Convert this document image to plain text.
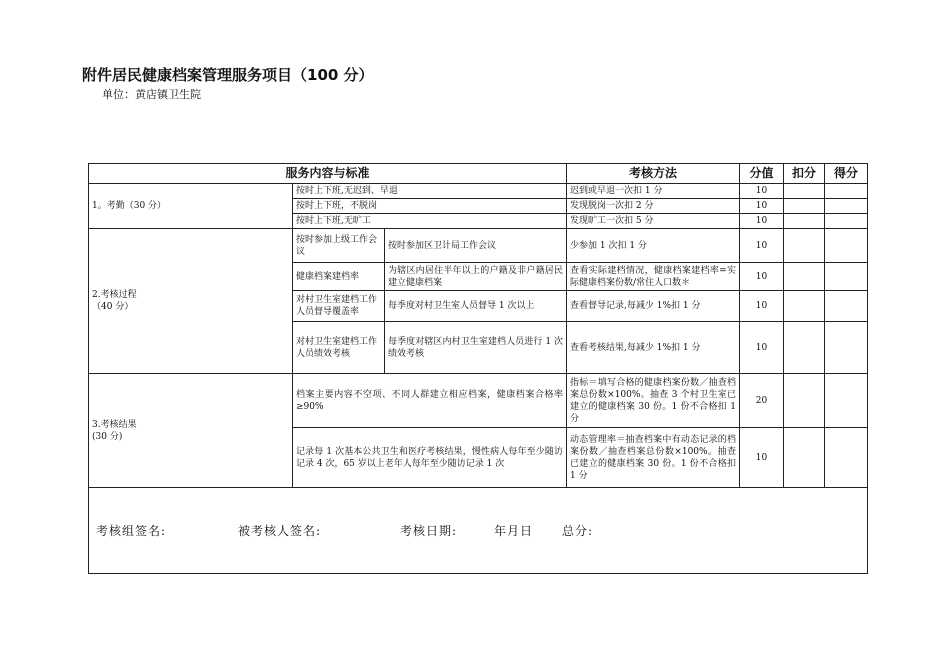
附件居民健康档案管理服务项目（100 分）
单位：黄店镇卫生院
服务内容与标准			考核方法	分值	扣分	得分
1。考勤（30 分）	按时上下班,无迟到、早退		迟到或早退一次扣 1 分	10		
	按时上下班，不脱岗		发现脱岗一次扣 2 分	10		
	按时上下班,无旷工		发现旷工一次扣 5 分	10		

2.考核过程
（40 分）	按时参加上级工作会议	按时参加区卫计局工作会议	少参加 1 次扣 1 分	10		
	健康档案建档率	为辖区内居住半年以上的户籍及非户籍居民建立健康档案	查看实际建档情况，健康档案建档率=实际健康档案份数/常住人口数＊	10		
	对村卫生室建档工作人员督导覆盖率	每季度对村卫生室人员督导 1 次以上	查看督导记录,每减少 1%扣 1 分	10		
	对村卫生室建档工作人员绩效考核	每季度对辖区内村卫生室建档人员进行 1 次绩效考核	查看考核结果,每减少 1%扣 1 分	10		

3.考核结果
(30 分)	档案主要内容不空项、不同人群建立相应档案，健康档案合格率≥90%		指标＝填写合格的健康档案份数／抽查档案总份数×100%。抽查 3 个村卫生室已建立的健康档案 30 份。1 份不合格扣 1 分	20		
	记录每 1 次基本公共卫生和医疗考核结果，慢性病人每年至少随访记录 4 次，65 岁以上老年人每年至少随访记录 1 次		动态管理率＝抽查档案中有动态记录的档案份数／抽查档案总份数×100%。抽查已建立的健康档案 30 份。1 份不合格扣 1 分	10		

考核组签名: 被考核人签名: 考核日期: 年月日 总分:						
